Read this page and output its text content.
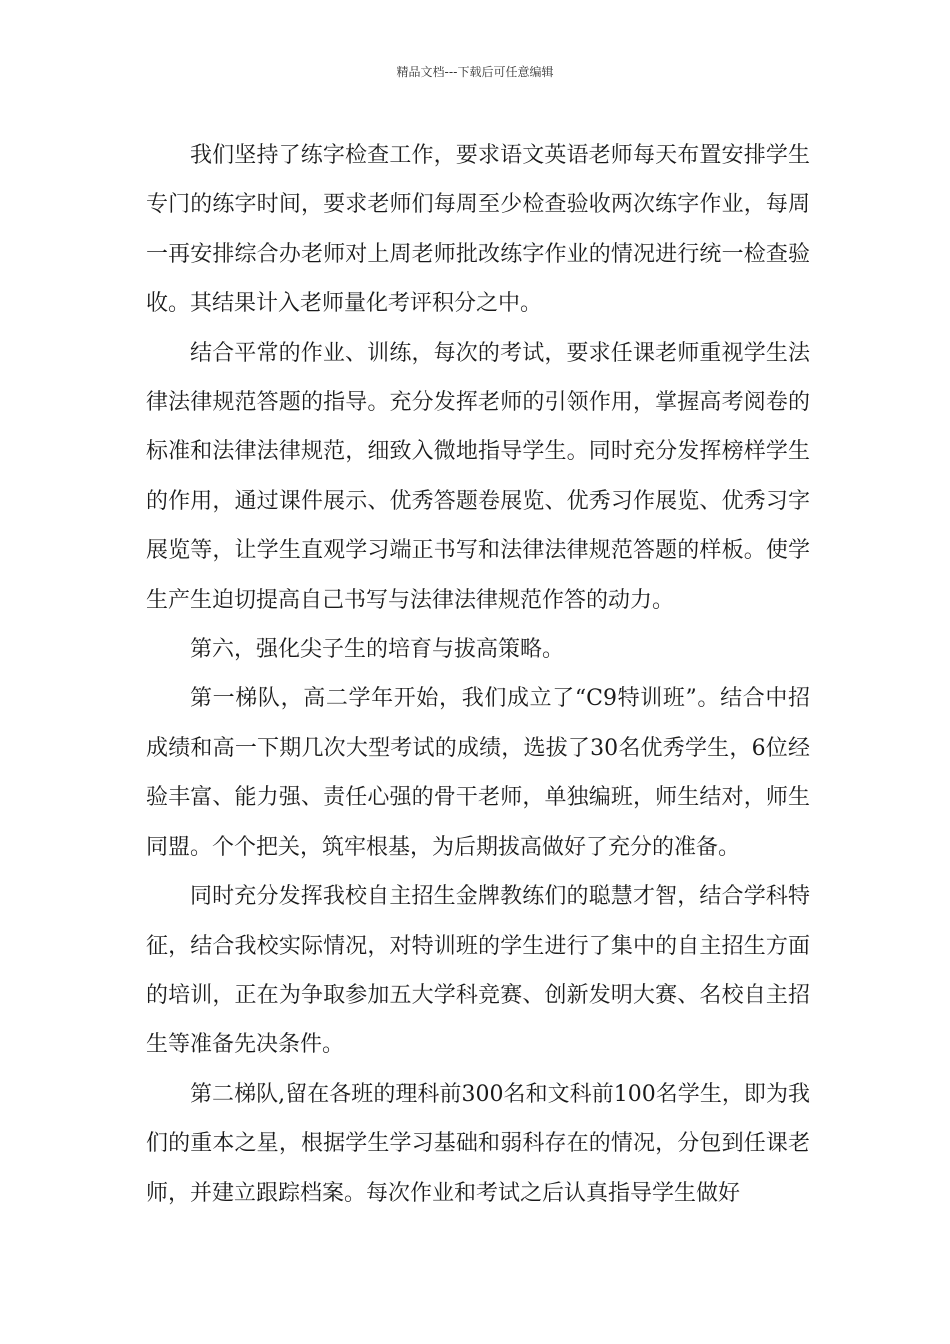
精品文档---下载后可任意编辑

我们坚持了练字检查工作，要求语文英语老师每天布置安排学生专门的练字时间，要求老师们每周至少检查验收两次练字作业，每周一再安排综合办老师对上周老师批改练字作业的情况进行统一检查验收。其结果计入老师量化考评积分之中。

结合平常的作业、训练，每次的考试，要求任课老师重视学生法律法律规范答题的指导。充分发挥老师的引领作用，掌握高考阅卷的标准和法律法律规范，细致入微地指导学生。同时充分发挥榜样学生的作用，通过课件展示、优秀答题卷展览、优秀习作展览、优秀习字展览等，让学生直观学习端正书写和法律法律规范答题的样板。使学生产生迫切提高自己书写与法律法律规范作答的动力。

第六，强化尖子生的培育与拔高策略。

第一梯队，高二学年开始，我们成立了“C9特训班”。结合中招成绩和高一下期几次大型考试的成绩，选拔了30名优秀学生，6位经验丰富、能力强、责任心强的骨干老师，单独编班，师生结对，师生同盟。个个把关，筑牢根基，为后期拔高做好了充分的准备。

同时充分发挥我校自主招生金牌教练们的聪慧才智，结合学科特征，结合我校实际情况，对特训班的学生进行了集中的自主招生方面的培训，正在为争取参加五大学科竞赛、创新发明大赛、名校自主招生等准备先决条件。

第二梯队,留在各班的理科前300名和文科前100名学生，即为我们的重本之星，根据学生学习基础和弱科存在的情况，分包到任课老师，并建立跟踪档案。每次作业和考试之后认真指导学生做好
